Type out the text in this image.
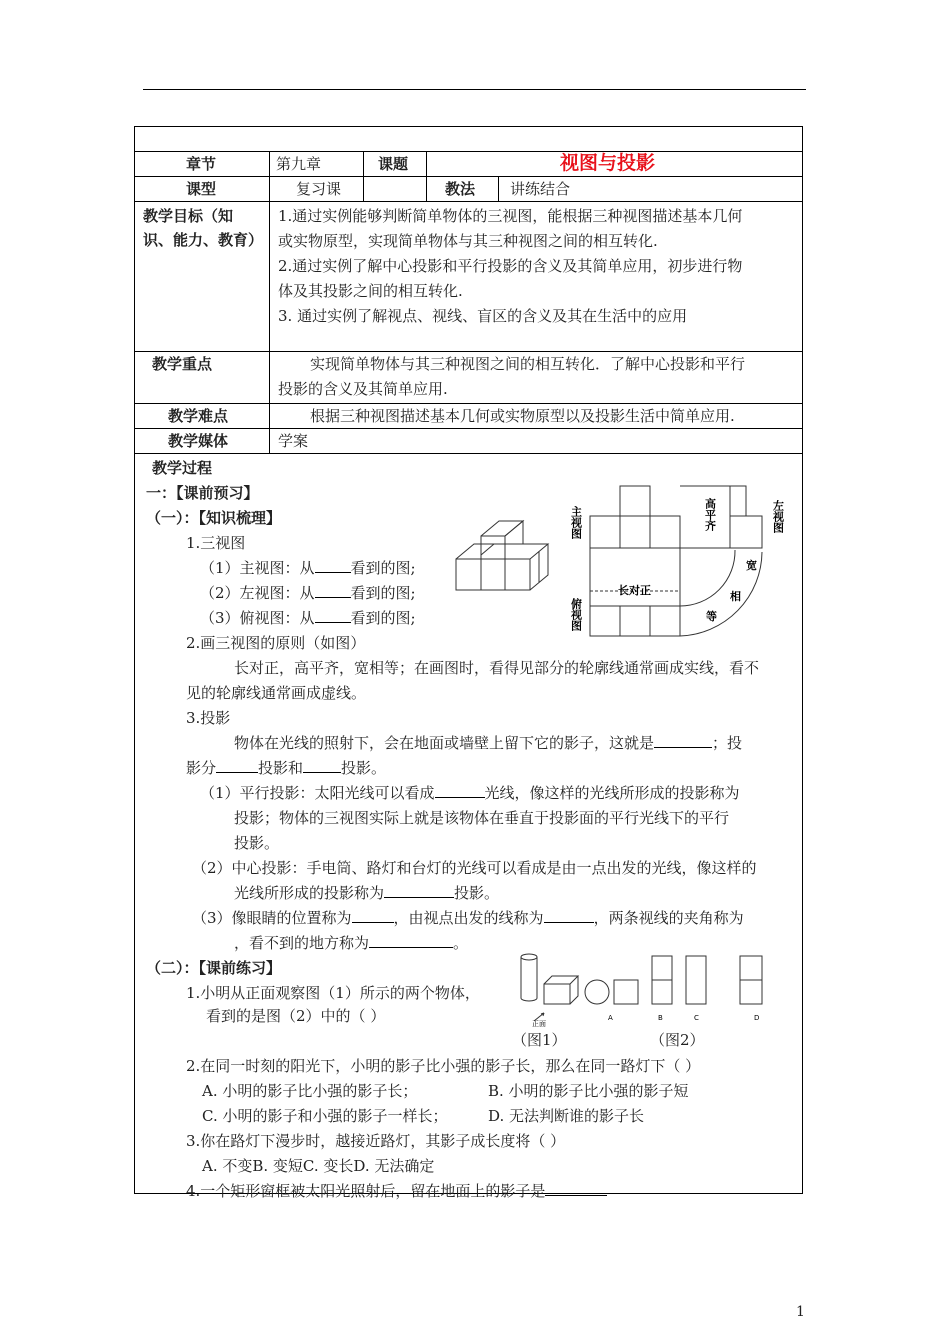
章节	第九章	课题	视图与投影
课型	复习课	教法 讲练结合
教学目标（知
识、能力、教育）
1.通过实例能够判断简单物体的三视图，能根据三种视图描述基本几何
或实物原型，实现简单物体与其三种视图之间的相互转化.
2.通过实例了解中心投影和平行投影的含义及其简单应用，初步进行物
体及其投影之间的相互转化.
3. 通过实例了解视点、视线、盲区的含义及其在生活中的应用
教学重点	实现简单物体与其三种视图之间的相互转化．了解中心投影和平行
投影的含义及其简单应用.
教学难点	根据三种视图描述基本几何或实物原型以及投影生活中简单应用.
教学媒体	学案
教学过程
一：【课前预习】
（一）：【知识梳理】
1.三视图
（1）主视图：从 看到的图;
（2）左视图：从 看到的图;
（3）俯视图：从 看到的图;
2.画三视图的原则（如图）
长对正，高平齐，宽相等；在画图时，看得见部分的轮廓线通常画成实线，看不
见的轮廓线通常画成虚线。
3.投影
物体在光线的照射下，会在地面或墙壁上留下它的影子，这就是	；投
影分	投影和	投影。
（1）平行投影：太阳光线可以看成	光线，像这样的光线所形成的投影称为
投影；物体的三视图实际上就是该物体在垂直于投影面的平行光线下的平行
投影。
（2）中心投影：手电筒、路灯和台灯的光线可以看成是由一点出发的光线，像这样的
光线所形成的投影称为	投影。
（3）像眼睛的位置称为	，由视点出发的线称为	，两条视线的夹角称为
，看不到的地方称为	。
（二）：【课前练习】
1.小明从正面观察图（1）所示的两个物体，
看到的是图（2）中的（ ）
2.在同一时刻的阳光下，小明的影子比小强的影子长，那么在同一路灯下（ ）
A. 小明的影子比小强的影子长；	B. 小明的影子比小强的影子短
C. 小明的影子和小强的影子一样长；	D. 无法判断谁的影子长
3.你在路灯下漫步时，越接近路灯，其影子成长度将（ ）
A. 不变B. 变短C. 变长D. 无法确定
4.一个矩形窗框被太阳光照射后，留在地面上的影子是
主视图	左视图
俯视图
高平齐
长对正
宽
相
等
正面
A	B	C	D
（图1）	（图2）
1
